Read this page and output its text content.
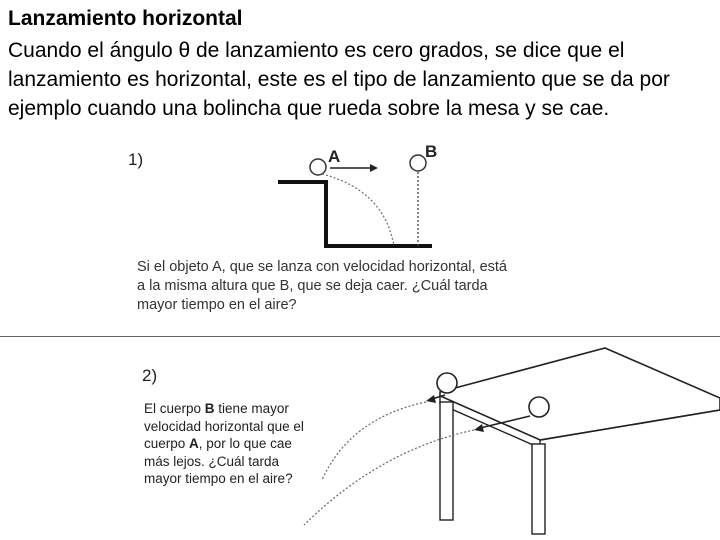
Lanzamiento horizontal

Cuando el ángulo θ de lanzamiento es cero grados, se dice que el lanzamiento es horizontal, este es el tipo de lanzamiento que se da por ejemplo cuando una bolincha que rueda sobre la mesa y se cae.

1)	A	B

Si el objeto A, que se lanza con velocidad horizontal, está
a la misma altura que B, que se deja caer. ¿Cuál tarda
mayor tiempo en el aire?

2)

El cuerpo B tiene mayor
velocidad horizontal que el
cuerpo A, por lo que cae
más lejos. ¿Cuál tarda
mayor tiempo en el aire?
